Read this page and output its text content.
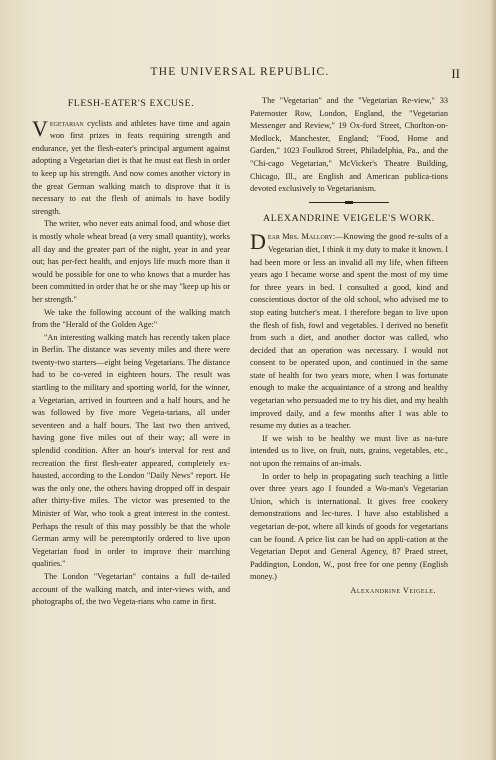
THE UNIVERSAL REPUBLIC.	II
FLESH-EATER'S EXCUSE.

Vegetarian cyclists and athletes have time and again won first prizes in feats requiring strength and endurance, yet the flesh-eater's principal argument against adopting a Vegetarian diet is that he must eat flesh in order to keep up his strength. And now comes another victory in the great German walking match to disprove that it is necessary to eat the flesh of animals to have bodily strength.

The writer, who never eats animal food, and whose diet is mostly whole wheat bread (a very small quantity), works all day and the greater part of the night, year in and year out; has per-fect health, and enjoys life much more than it would be possible for one to who knows that a murder has been committed in order that he or she may "keep up his or her strength."

We take the following account of the walking match from the "Herald of the Golden Age:"

"An interesting walking match has recently taken place in Berlin. The distance was seventy miles and there were twenty-two starters—eight being Vegetarians. The distance had to be co-vered in eighteen hours. The result was startling to the military and sporting world, for the winner, a Vegetarian, arrived in fourteen and a half hours, and he was followed by five more Vegeta-tarians, all under seventeen and a half hours. The last two then arrived, having gone five miles out of their way; all were in splendid condition. After an hour's interval for rest and recreation the first flesh-eater appeared, completely ex-hausted, according to the London "Daily News" report. He was the only one, the others having dropped off in despair after thirty-five miles. The victor was presented to the Minister of War, who took a great interest in the contest. Perhaps the result of this may possibly be that the whole German army will be peremptorily ordered to live upon Vegetarian food in order to improve their marching qualities."

The London "Vegetarian" contains a full de-tailed account of the walking match, and inter-views with, and photographs of, the two Vegeta-rians who came in first.

The "Vegetarian" and the "Vegetarian Re-view," 33 Paternoster Row, London, England, the "Vegetarian Messenger and Review," 19 Ox-ford Street, Chorlton-on-Medlock, Manchester, England; "Food, Home and Garden," 1023 Foulkrod Street, Philadelphia, Pa., and the "Chi-cago Vegetarian," McVicker's Theatre Building, Chicago, Ill., are English and American publica-tions devoted exclusively to Vegetarianism.

ALEXANDRINE VEIGELE'S WORK.

Dear Mrs. Mallory:—Knowing the good re-sults of a Vegetarian diet, I think it my duty to make it known. I had been more or less an invalid all my life, when fifteen years ago I became worse and spent the most of my time for three years in bed. I consulted a good, kind and conscientious doctor of the old school, who advised me to stop eating butcher's meat. I therefore began to live upon the flesh of fish, fowl and vegetables. I derived no benefit from such a diet, and another doctor was called, who decided that an operation was necessary. I would not consent to be operated upon, and continued in the same state of health for two years more, when I was fortunate enough to make the acquaintance of a strong and healthy vegetarian who persuaded me to try his diet, and my health improved daily, and a few months after I was able to resume my duties as a teacher.

If we wish to be healthy we must live as na-ture intended us to live, on fruit, nuts, grains, vegetables, etc., not upon the remains of an-imals.

In order to help in propagating such teaching a little over three years ago I founded a Wo-man's Vegetarian Union, which is international. It gives free cookery demonstrations and lec-tures. I have also established a vegetarian de-pot, where all kinds of goods for vegetarians can be found. A price list can be had on appli-cation at the Vegetarian Depot and General Agency, 87 Praed street, Paddington, London, W., post free for one penny (English money.)

Alexandrine Veigele.
